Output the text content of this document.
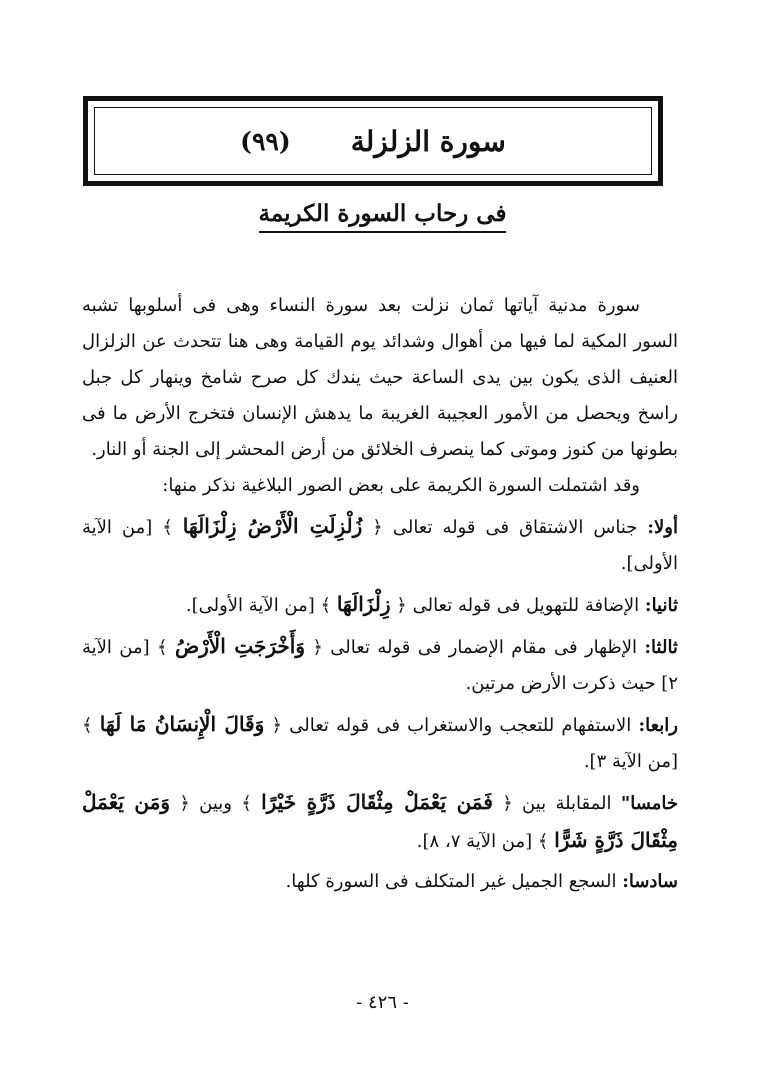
سورة الزلزلة
(٩٩)
فى رحاب السورة الكريمة

سورة مدنية آياتها ثمان نزلت بعد سورة النساء وهى فى أسلوبها تشبه السور المكية لما فيها من أهوال وشدائد يوم القيامة وهى هنا تتحدث عن الزلزال العنيف الذى يكون بين يدى الساعة حيث يندك كل صرح شامخ وينهار كل جبل راسخ ويحصل من الأمور العجيبة الغريبة ما يدهش الإنسان فتخرج الأرض ما فى بطونها من كنوز وموتى كما ينصرف الخلائق من أرض المحشر إلى الجنة أو النار.

وقد اشتملت السورة الكريمة على بعض الصور البلاغية نذكر منها:

أولا: جناس الاشتقاق فى قوله تعالى ﴿ زُلْزِلَتِ الْأَرْضُ زِلْزَالَهَا ﴾ [من الآية الأولى].

ثانيا: الإضافة للتهويل فى قوله تعالى ﴿ زِلْزَالَهَا ﴾ [من الآية الأولى].

ثالثا: الإظهار فى مقام الإضمار فى قوله تعالى ﴿ وَأَخْرَجَتِ الْأَرْضُ ﴾ [من الآية ٢] حيث ذكرت الأرض مرتين.

رابعا: الاستفهام للتعجب والاستغراب فى قوله تعالى ﴿ وَقَالَ الْإِنسَانُ مَا لَهَا ﴾ [من الآية ٣].

خامسا" المقابلة بين ﴿ فَمَن يَعْمَلْ مِثْقَالَ ذَرَّةٍ خَيْرًا ﴾ وبين ﴿ وَمَن يَعْمَلْ مِثْقَالَ ذَرَّةٍ شَرًّا ﴾ [من الآية ٧، ٨].

سادسا: السجع الجميل غير المتكلف فى السورة كلها.

- ٤٢٦ -
